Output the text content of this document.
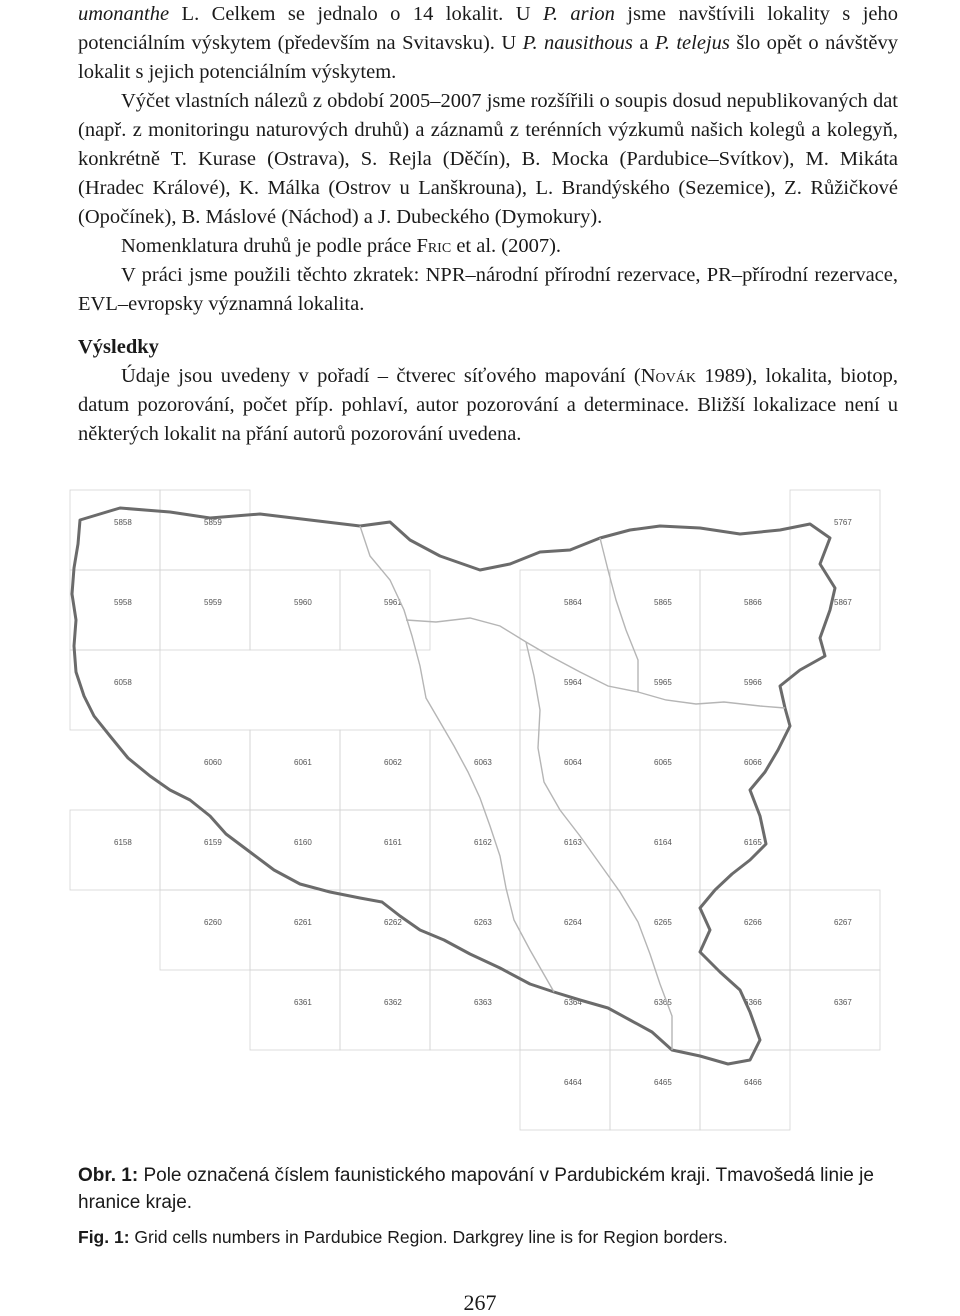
umonanthe L. Celkem se jednalo o 14 lokalit. U P. arion jsme navštívili lokality s jeho potenciálním výskytem (především na Svitavsku). U P. nausithous a P. telejus šlo opět o návštěvy lokalit s jejich potenciálním výskytem.

Výčet vlastních nálezů z období 2005–2007 jsme rozšířili o soupis dosud nepublikovaných dat (např. z monitoringu naturových druhů) a záznamů z terénních výzkumů našich kolegů a kolegyň, konkrétně T. Kurase (Ostrava), S. Rejla (Děčín), B. Mocka (Pardubice–Svítkov), M. Mikáta (Hradec Králové), K. Málka (Ostrov u Lanškrouna), L. Brandýského (Sezemice), Z. Růžičkové (Opočínek), B. Máslové (Náchod) a J. Dubeckého (Dymokury).

Nomenklatura druhů je podle práce Fric et al. (2007).

V práci jsme použili těchto zkratek: NPR–národní přírodní rezervace, PR–přírodní rezervace, EVL–evropsky významná lokalita.

Výsledky

Údaje jsou uvedeny v pořadí – čtverec síťového mapování (Novák 1989), lokalita, biotop, datum pozorování, počet příp. pohlaví, autor pozorování a determinace. Bližší lokalizace není u některých lokalit na přání autorů pozorování uvedena.

5858	5859	5767
5958	5959	5960	5961	5864	5865	5866	5867
6058	5964	5965	5966
6060	6061	6062	6063	6064	6065	6066
6158	6159	6160	6161	6162	6163	6164	6165
6260	6261	6262	6263	6264	6265	6266	6267
6361	6362	6363	6364	6365	6366	6367
6464	6465	6466
Obr. 1: Pole označená číslem faunistického mapování v Pardubickém kraji. Tmavošedá linie je hranice kraje.
Fig. 1: Grid cells numbers in Pardubice Region. Darkgrey line is for Region borders.
267
